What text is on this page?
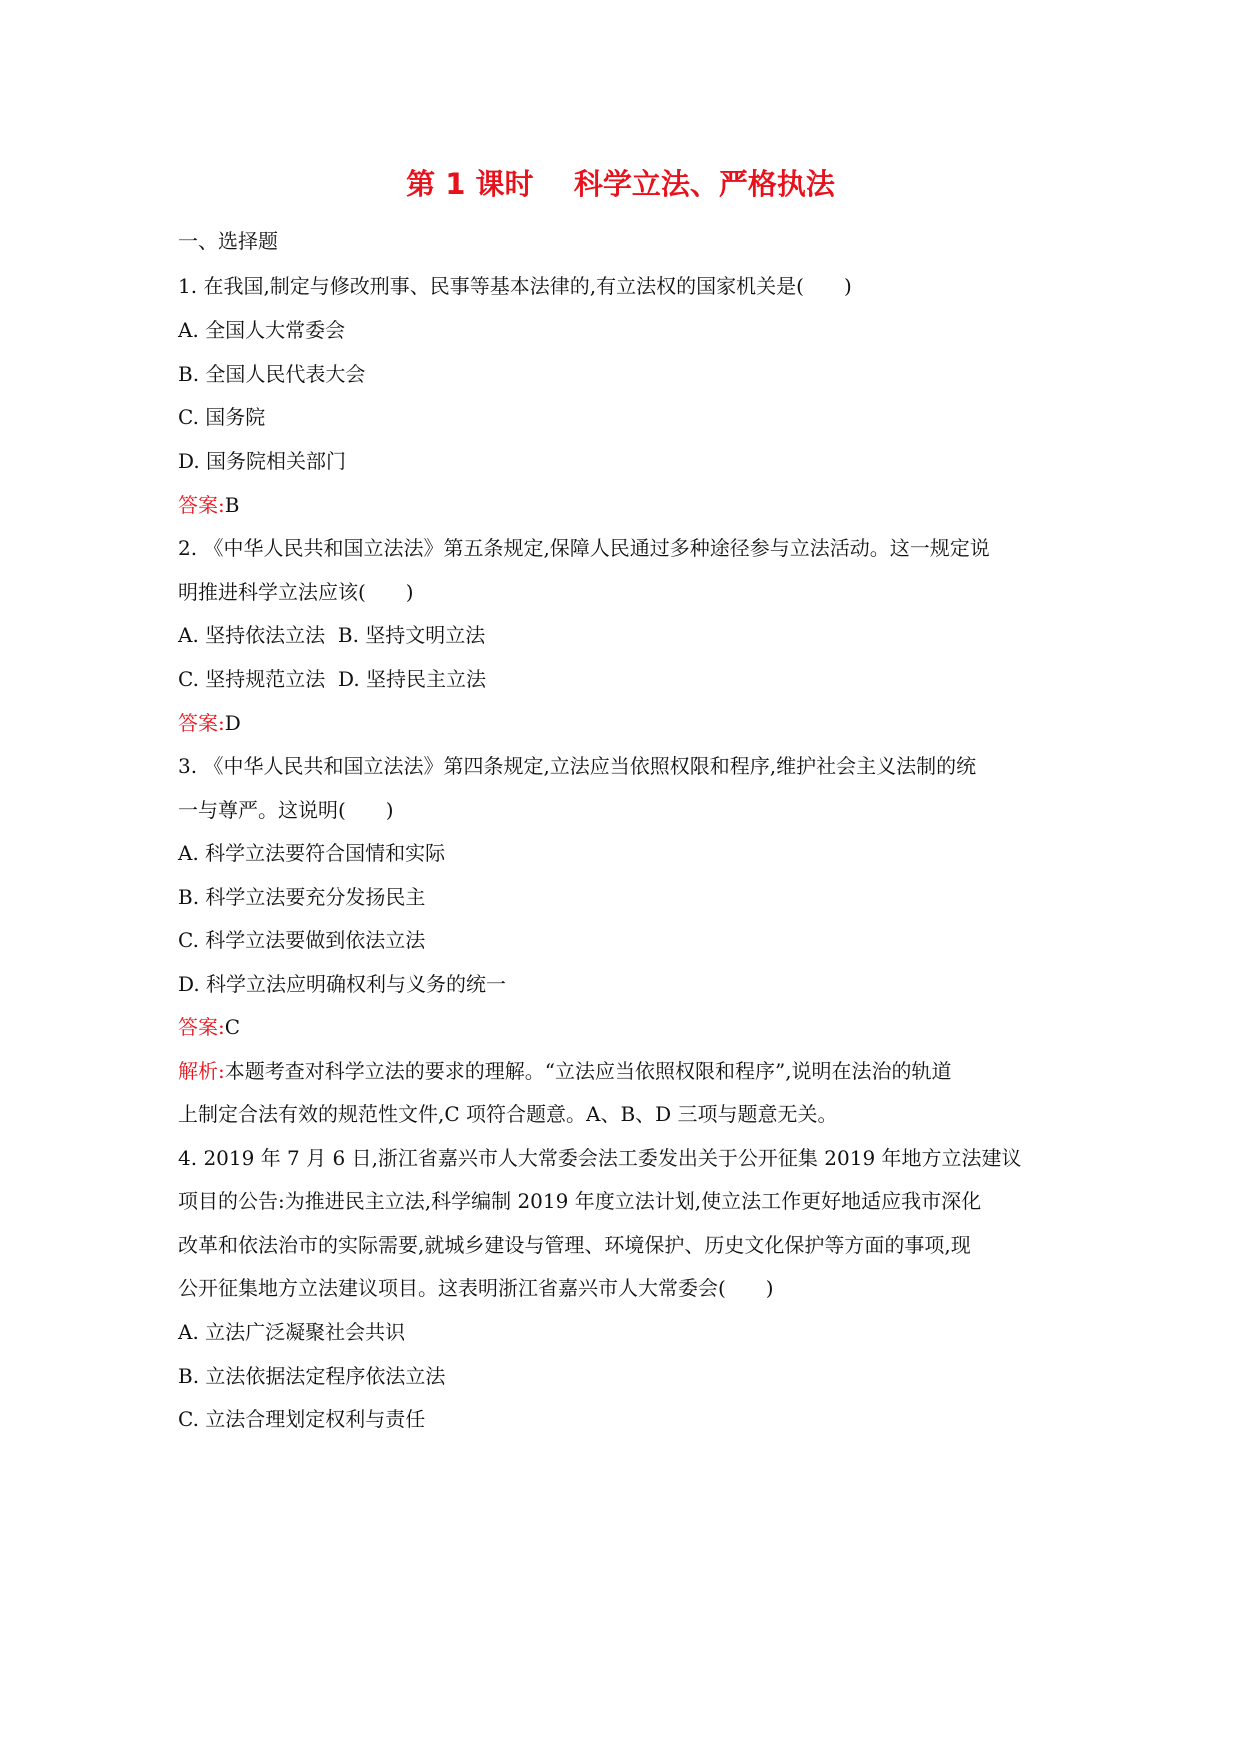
第 1 课时    科学立法、严格执法
一、选择题
1. 在我国,制定与修改刑事、民事等基本法律的,有立法权的国家机关是(　　)
A. 全国人大常委会
B. 全国人民代表大会
C. 国务院
D. 国务院相关部门
答案:B
2. 《中华人民共和国立法法》第五条规定,保障人民通过多种途径参与立法活动。这一规定说
明推进科学立法应该(　　)
A. 坚持依法立法  B. 坚持文明立法
C. 坚持规范立法  D. 坚持民主立法
答案:D
3. 《中华人民共和国立法法》第四条规定,立法应当依照权限和程序,维护社会主义法制的统
一与尊严。这说明(　　)
A. 科学立法要符合国情和实际
B. 科学立法要充分发扬民主
C. 科学立法要做到依法立法
D. 科学立法应明确权利与义务的统一
答案:C
解析:本题考查对科学立法的要求的理解。“立法应当依照权限和程序”,说明在法治的轨道
上制定合法有效的规范性文件,C 项符合题意。A、B、D 三项与题意无关。
4. 2019 年 7 月 6 日,浙江省嘉兴市人大常委会法工委发出关于公开征集 2019 年地方立法建议
项目的公告:为推进民主立法,科学编制 2019 年度立法计划,使立法工作更好地适应我市深化
改革和依法治市的实际需要,就城乡建设与管理、环境保护、历史文化保护等方面的事项,现
公开征集地方立法建议项目。这表明浙江省嘉兴市人大常委会(　　)
A. 立法广泛凝聚社会共识
B. 立法依据法定程序依法立法
C. 立法合理划定权利与责任
